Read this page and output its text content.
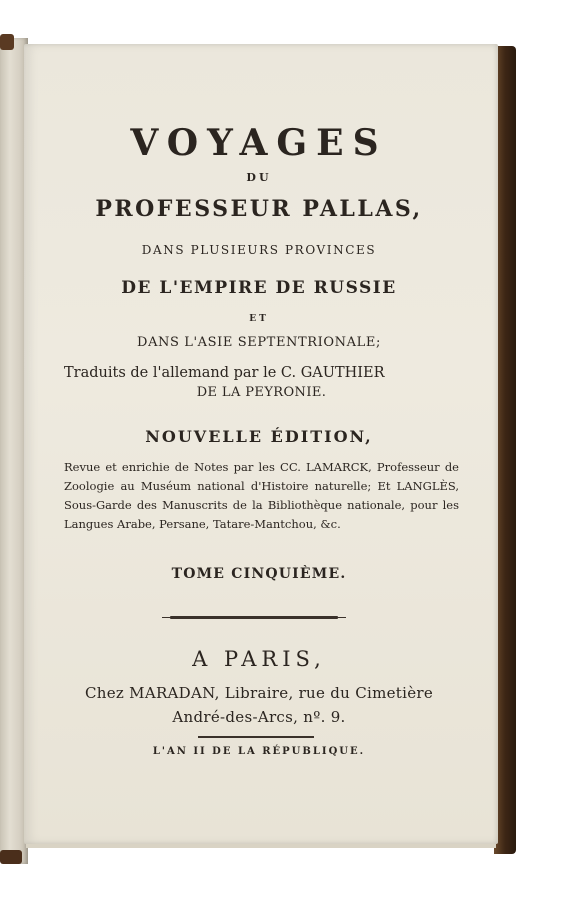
VOYAGES
DU
PROFESSEUR PALLAS,
DANS PLUSIEURS PROVINCES
DE L'EMPIRE DE RUSSIE
ET
DANS L'ASIE SEPTENTRIONALE;
Traduits de l'allemand par le C. GAUTHIER
DE LA PEYRONIE.
NOUVELLE ÉDITION,
Revue et enrichie de Notes par les CC. LAMARCK, Professeur de Zoologie au Muséum national d'Histoire naturelle; Et LANGLÈS, Sous-Garde des Manuscrits de la Bibliothèque nationale, pour les Langues Arabe, Persane, Tatare-Mantchou, &c.
TOME CINQUIÈME.
A PARIS,
Chez MARADAN, Libraire, rue du Cimetière
André-des-Arcs, nº. 9.
L'AN II DE LA RÉPUBLIQUE.
